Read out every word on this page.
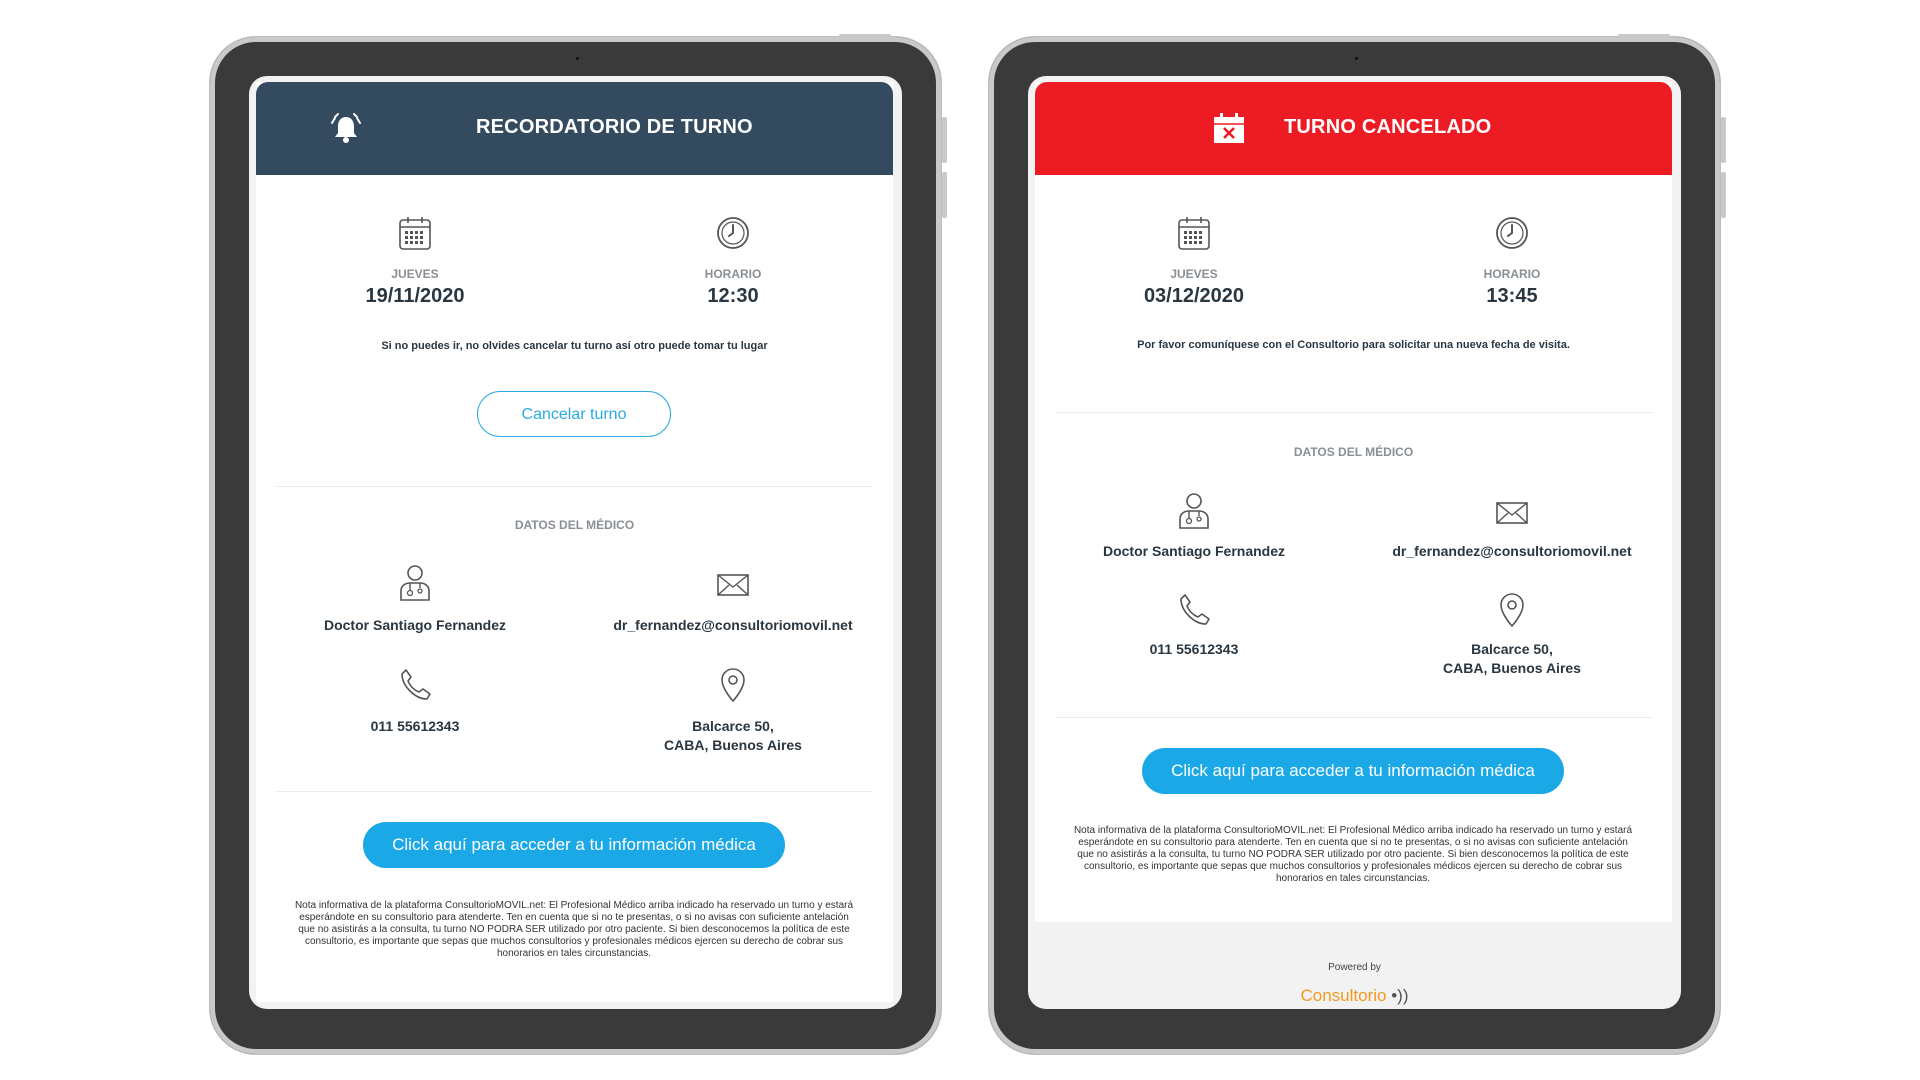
RECORDATORIO DE TURNO
JUEVES
19/11/2020
HORARIO
12:30
Si no puedes ir, no olvides cancelar tu turno así otro puede tomar tu lugar
Cancelar turno
DATOS DEL MÉDICO
Doctor Santiago Fernandez	dr_fernandez@consultoriomovil.net
011 55612343	Balcarce 50,
CABA, Buenos Aires
Click aquí para acceder a tu información médica
Nota informativa de la plataforma ConsultorioMOVIL.net: El Profesional Médico arriba indicado ha reservado un turno y estará esperándote en su consultorio para atenderte. Ten en cuenta que si no te presentas, o si no avisas con suficiente antelación que no asistirás a la consulta, tu turno NO PODRA SER utilizado por otro paciente. Si bien desconocemos la política de este consultorio, es importante que sepas que muchos consultorios y profesionales médicos ejercen su derecho de cobrar sus honorarios en tales circunstancias.
TURNO CANCELADO
JUEVES
03/12/2020
HORARIO
13:45
Por favor comuníquese con el Consultorio para solicitar una nueva fecha de visita.
DATOS DEL MÉDICO
Doctor Santiago Fernandez	dr_fernandez@consultoriomovil.net
011 55612343	Balcarce 50,
CABA, Buenos Aires
Click aquí para acceder a tu información médica
Nota informativa de la plataforma ConsultorioMOVIL.net: El Profesional Médico arriba indicado ha reservado un turno y estará esperándote en su consultorio para atenderte. Ten en cuenta que si no te presentas, o si no avisas con suficiente antelación que no asistirás a la consulta, tu turno NO PODRA SER utilizado por otro paciente. Si bien desconocemos la política de este consultorio, es importante que sepas que muchos consultorios y profesionales médicos ejercen su derecho de cobrar sus honorarios en tales circunstancias.
Powered by
Consultorio •))
